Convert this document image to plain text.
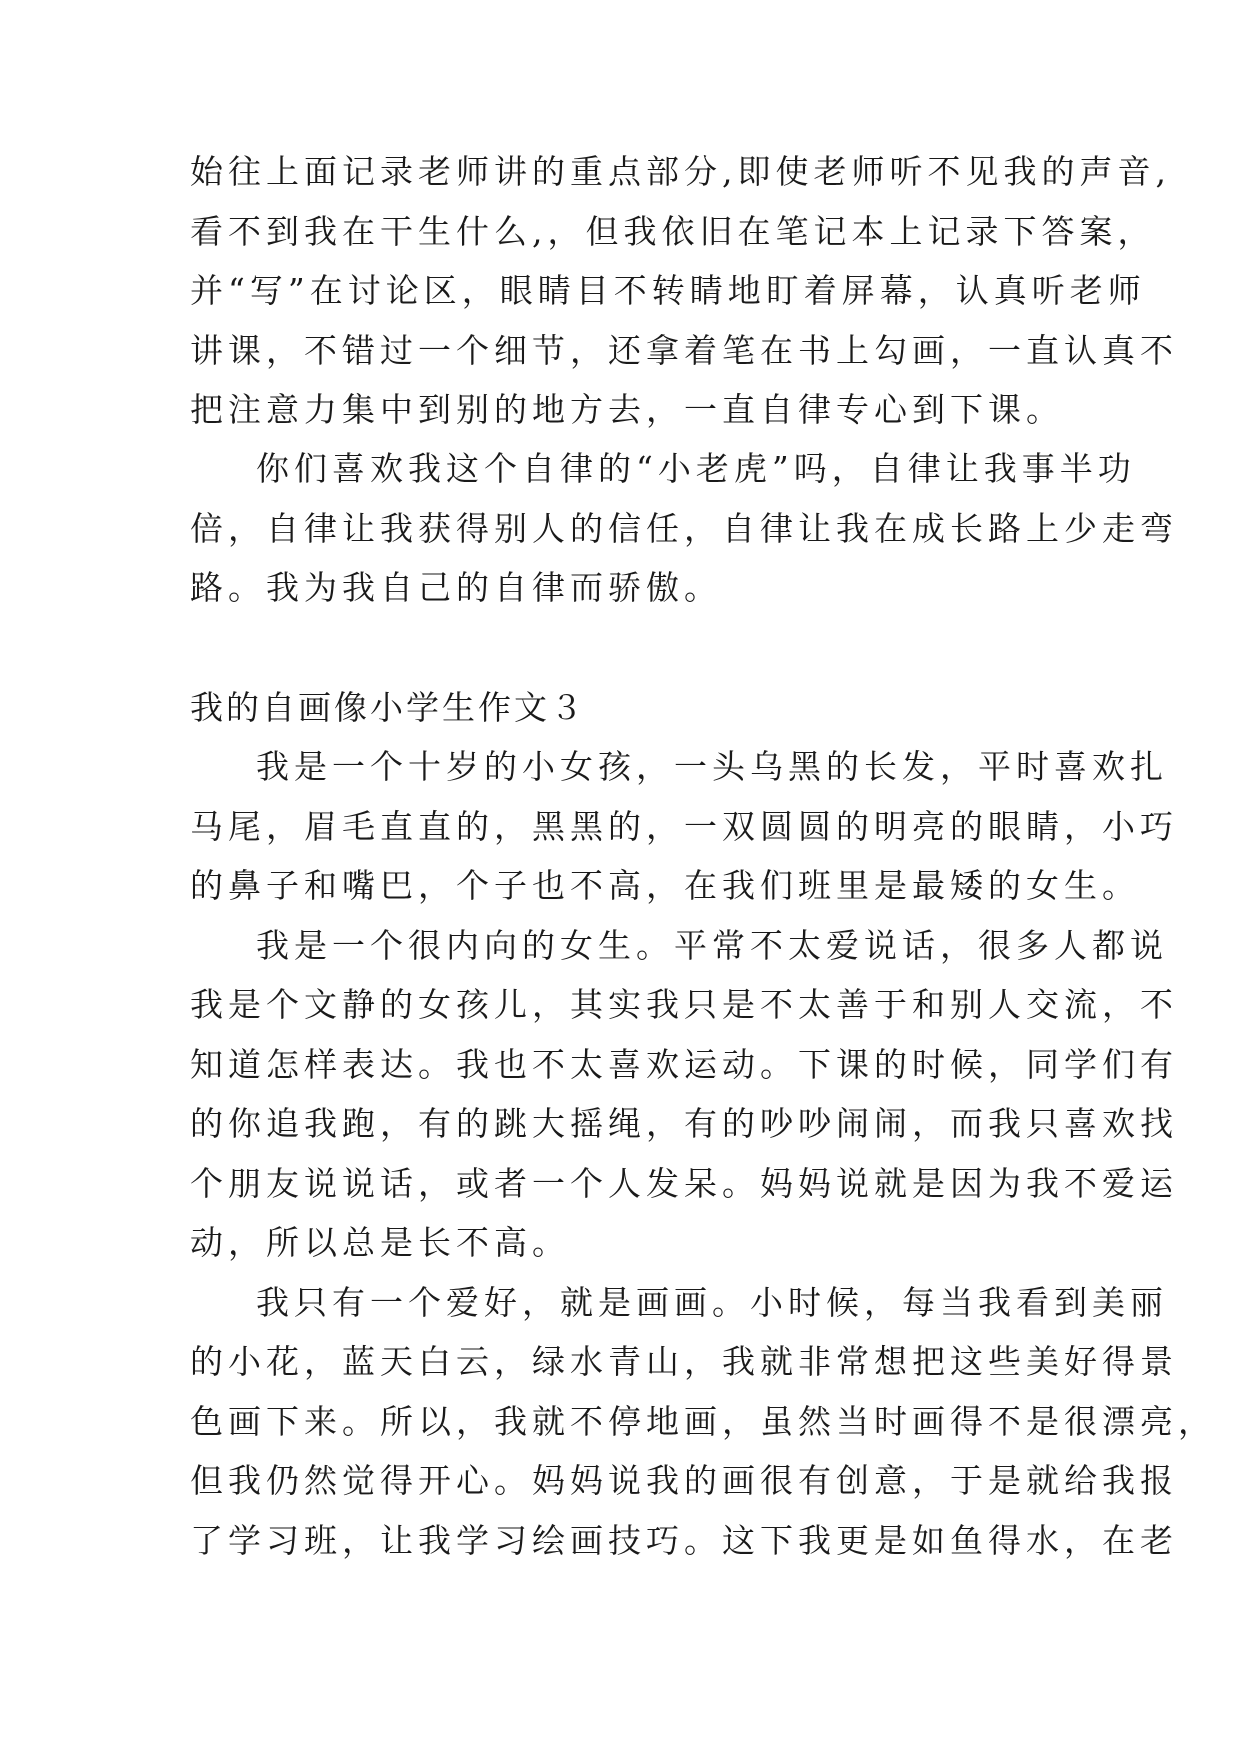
始往上面记录老师讲的重点部分,即使老师听不见我的声音,
看不到我在干生什么,，但我依旧在笔记本上记录下答案，
并“写”在讨论区，眼睛目不转睛地盯着屏幕，认真听老师
讲课，不错过一个细节，还拿着笔在书上勾画，一直认真不
把注意力集中到别的地方去，一直自律专心到下课。
你们喜欢我这个自律的“小老虎”吗，自律让我事半功
倍，自律让我获得别人的信任，自律让我在成长路上少走弯
路。我为我自己的自律而骄傲。
我的自画像小学生作文３
我是一个十岁的小女孩，一头乌黑的长发，平时喜欢扎
马尾，眉毛直直的，黑黑的，一双圆圆的明亮的眼睛，小巧
的鼻子和嘴巴，个子也不高，在我们班里是最矮的女生。
我是一个很内向的女生。平常不太爱说话，很多人都说
我是个文静的女孩儿，其实我只是不太善于和别人交流，不
知道怎样表达。我也不太喜欢运动。下课的时候，同学们有
的你追我跑，有的跳大摇绳，有的吵吵闹闹，而我只喜欢找
个朋友说说话，或者一个人发呆。妈妈说就是因为我不爱运
动，所以总是长不高。
我只有一个爱好，就是画画。小时候，每当我看到美丽
的小花，蓝天白云，绿水青山，我就非常想把这些美好得景
色画下来。所以，我就不停地画，虽然当时画得不是很漂亮，
但我仍然觉得开心。妈妈说我的画很有创意，于是就给我报
了学习班，让我学习绘画技巧。这下我更是如鱼得水，在老
